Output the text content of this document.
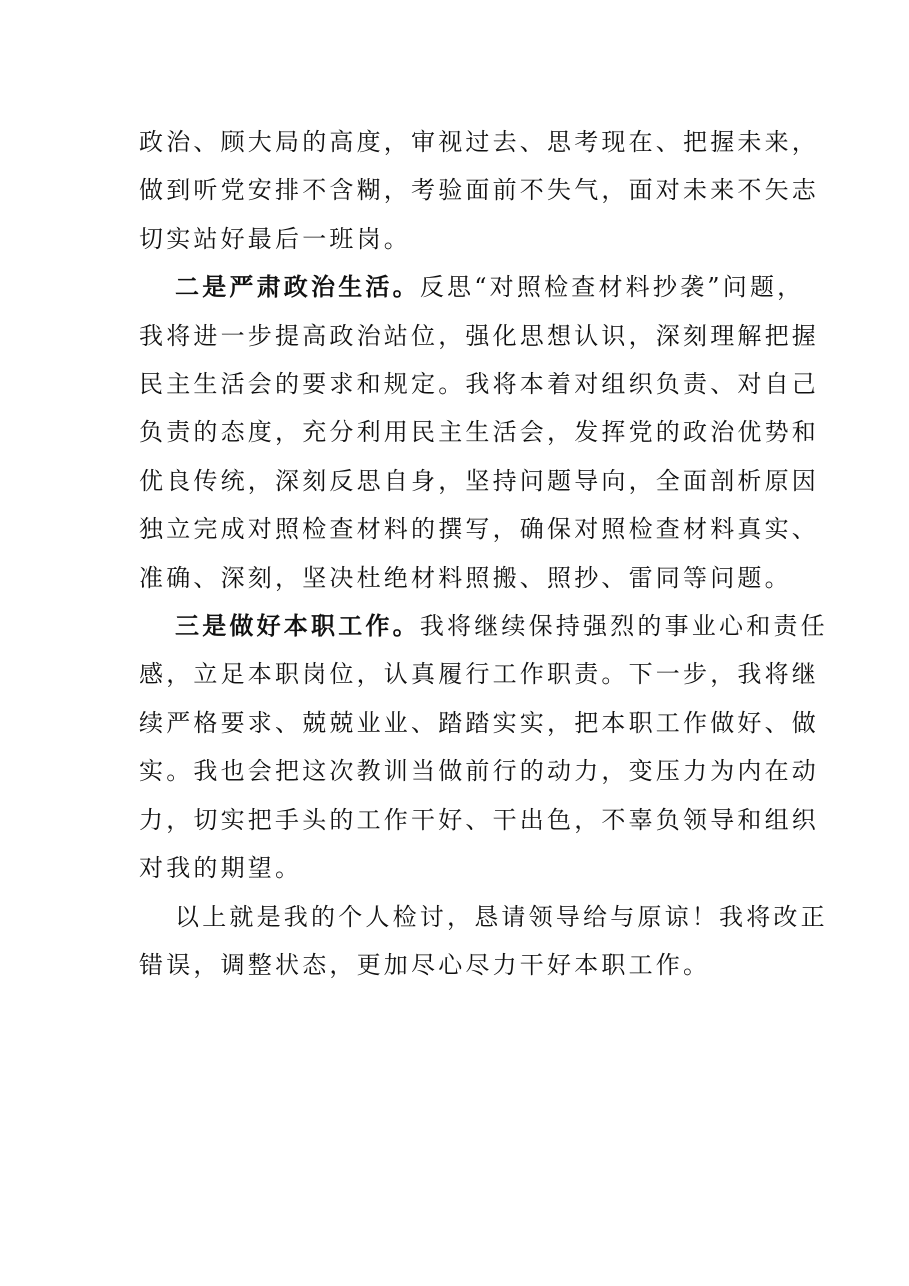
政治、顾大局的高度，审视过去、思考现在、把握未来，
做到听党安排不含糊，考验面前不失气，面对未来不矢志
切实站好最后一班岗。
二是严肃政治生活。反思“对照检查材料抄袭”问题，
我将进一步提高政治站位，强化思想认识，深刻理解把握
民主生活会的要求和规定。我将本着对组织负责、对自己
负责的态度，充分利用民主生活会，发挥党的政治优势和
优良传统，深刻反思自身，坚持问题导向，全面剖析原因
独立完成对照检查材料的撰写，确保对照检查材料真实、
准确、深刻，坚决杜绝材料照搬、照抄、雷同等问题。
三是做好本职工作。我将继续保持强烈的事业心和责任
感，立足本职岗位，认真履行工作职责。下一步，我将继
续严格要求、兢兢业业、踏踏实实，把本职工作做好、做
实。我也会把这次教训当做前行的动力，变压力为内在动
力，切实把手头的工作干好、干出色，不辜负领导和组织
对我的期望。
以上就是我的个人检讨，恳请领导给与原谅！我将改正
错误，调整状态，更加尽心尽力干好本职工作。
